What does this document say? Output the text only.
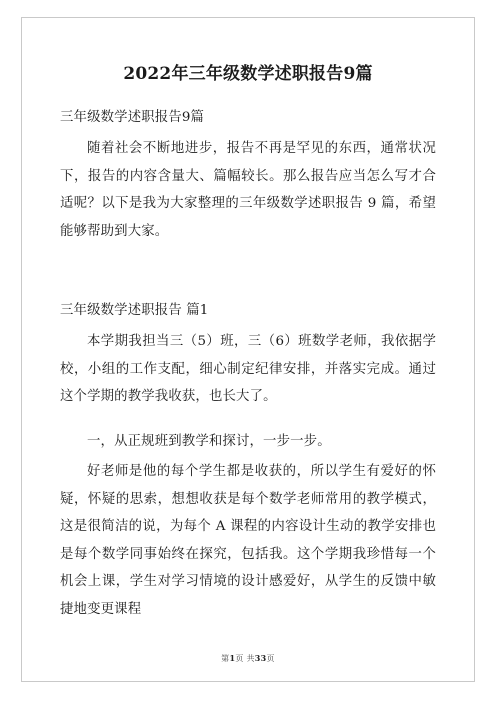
2022年三年级数学述职报告9篇
三年级数学述职报告9篇
随着社会不断地进步，报告不再是罕见的东西，通常状况下，报告的内容含量大、篇幅较长。那么报告应当怎么写才合适呢？以下是我为大家整理的三年级数学述职报告 9 篇，希望能够帮助到大家。
三年级数学述职报告 篇1
本学期我担当三（5）班，三（6）班数学老师，我依据学校，小组的工作支配，细心制定纪律安排，并落实完成。通过这个学期的教学我收获，也长大了。
一，从正规班到教学和探讨，一步一步。
好老师是他的每个学生都是收获的，所以学生有爱好的怀疑，怀疑的思索，想想收获是每个数学老师常用的教学模式，这是很简洁的说，为每个 A 课程的内容设计生动的教学安排也是每个数学同事始终在探究，包括我。这个学期我珍惜每一个机会上课，学生对学习情境的设计感爱好，从学生的反馈中敏捷地变更课程
第1页 共33页
